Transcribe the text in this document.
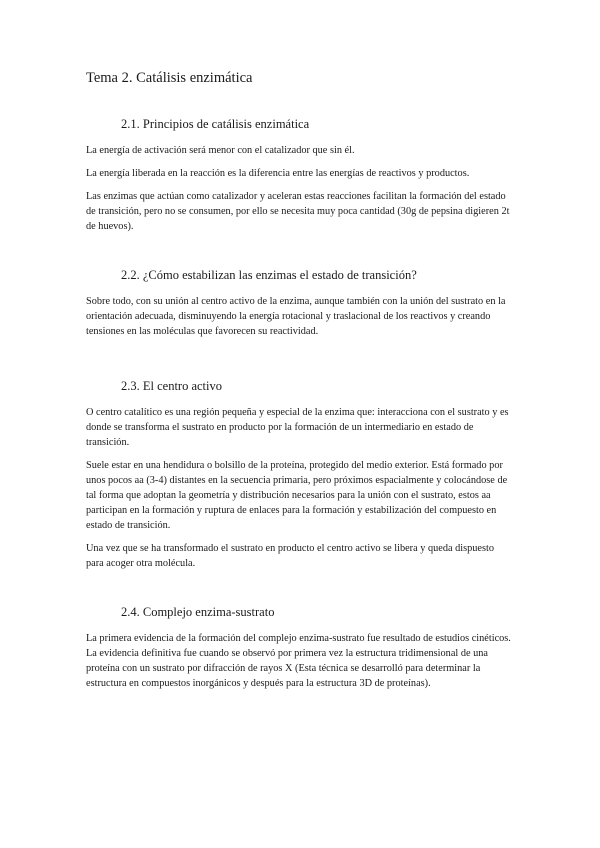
Tema 2. Catálisis enzimática
2.1. Principios de catálisis enzimática

La energía de activación será menor con el catalizador que sin él.

La energía liberada en la reacción es la diferencia entre las energías de reactivos y productos.

Las enzimas que actúan como catalizador y aceleran estas reacciones facilitan la formación del estado de transición, pero no se consumen, por ello se necesita muy poca cantidad (30g de pepsina digieren 2t de huevos).

2.2. ¿Cómo estabilizan las enzimas el estado de transición?

Sobre todo, con su unión al centro activo de la enzima, aunque también con la unión del sustrato en la orientación adecuada, disminuyendo la energía rotacional y traslacional de los reactivos y creando tensiones en las moléculas que favorecen su reactividad.

2.3. El centro activo

O centro catalítico es una región pequeña y especial de la enzima que: interacciona con el sustrato y es donde se transforma el sustrato en producto por la formación de un intermediario en estado de transición.

Suele estar en una hendidura o bolsillo de la proteína, protegido del medio exterior. Está formado por unos pocos aa (3-4) distantes en la secuencia primaria, pero próximos espacialmente y colocándose de tal forma que adoptan la geometría y distribución necesarios para la unión con el sustrato, estos aa participan en la formación y ruptura de enlaces para la formación y estabilización del compuesto en estado de transición.

Una vez que se ha transformado el sustrato en producto el centro activo se libera y queda dispuesto para acoger otra molécula.

2.4. Complejo enzima-sustrato

La primera evidencia de la formación del complejo enzima-sustrato fue resultado de estudios cinéticos. La evidencia definitiva fue cuando se observó por primera vez la estructura tridimensional de una proteína con un sustrato por difracción de rayos X (Esta técnica se desarrolló para determinar la estructura en compuestos inorgánicos y después para la estructura 3D de proteínas).
